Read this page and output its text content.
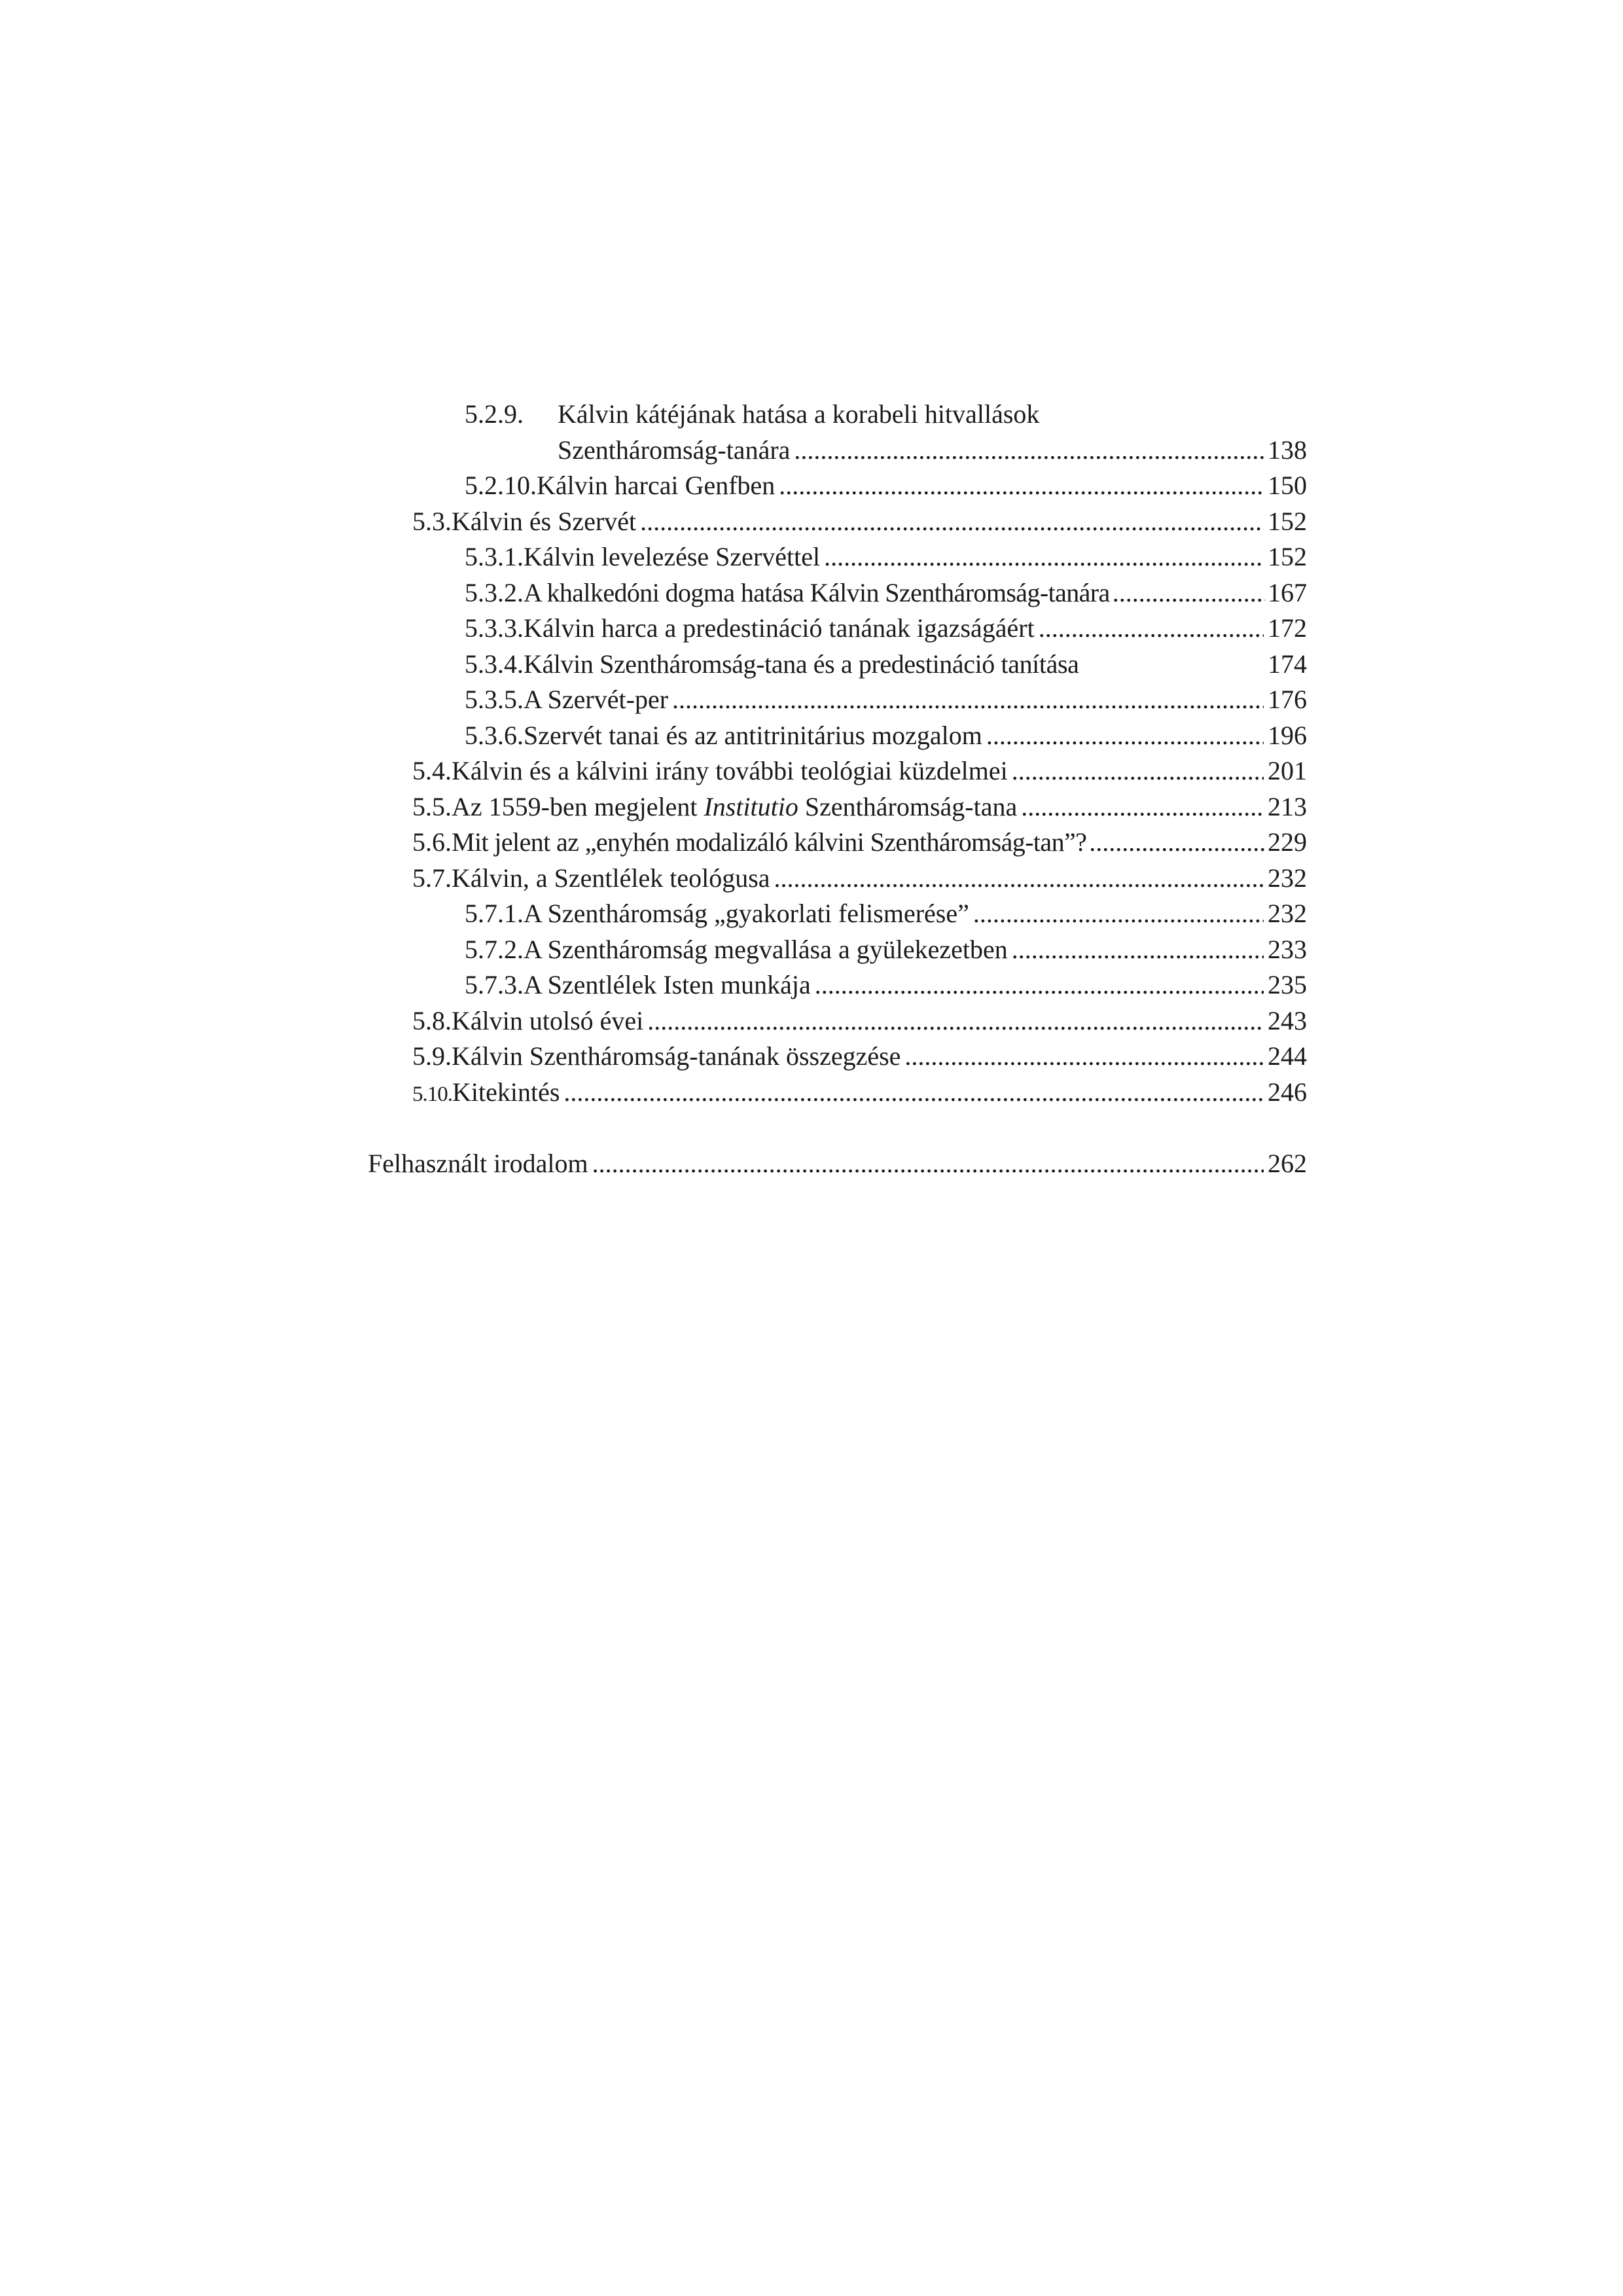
5.2.9.	Kálvin kátéjának hatása a korabeli hitvallások
Szentháromság-tanára . . .	138
5.2.10. Kálvin harcai Genfben . . .	150
5.3. Kálvin és Szervét . . .	152
5.3.1. Kálvin levelezése Szervéttel . . .	152
5.3.2. A khalkedóni dogma hatása Kálvin Szentháromság-tanára . . .	167
5.3.3. Kálvin harca a predestináció tanának igazságáért . . .	172
5.3.4. Kálvin Szentháromság-tana és a predestináció tanítása	174
5.3.5. A Szervét-per . . .	176
5.3.6. Szervét tanai és az antitrinitárius mozgalom . . .	196
5.4. Kálvin és a kálvini irány további teológiai küzdelmei . . .	201
5.5. Az 1559-ben megjelent Institutio Szentháromság-tana . . .	213
5.6. Mit jelent az „enyhén modalizáló kálvini Szentháromság-tan”? . . .	229
5.7. Kálvin, a Szentlélek teológusa . . .	232
5.7.1. A Szentháromság „gyakorlati felismerése” . . .	232
5.7.2. A Szentháromság megvallása a gyülekezetben . . .	233
5.7.3. A Szentlélek Isten munkája . . .	235
5.8. Kálvin utolsó évei . . .	243
5.9. Kálvin Szentháromság-tanának összegzése . . .	244
5.10. Kitekintés . . .	246
Felhasznált irodalom . . .	262
